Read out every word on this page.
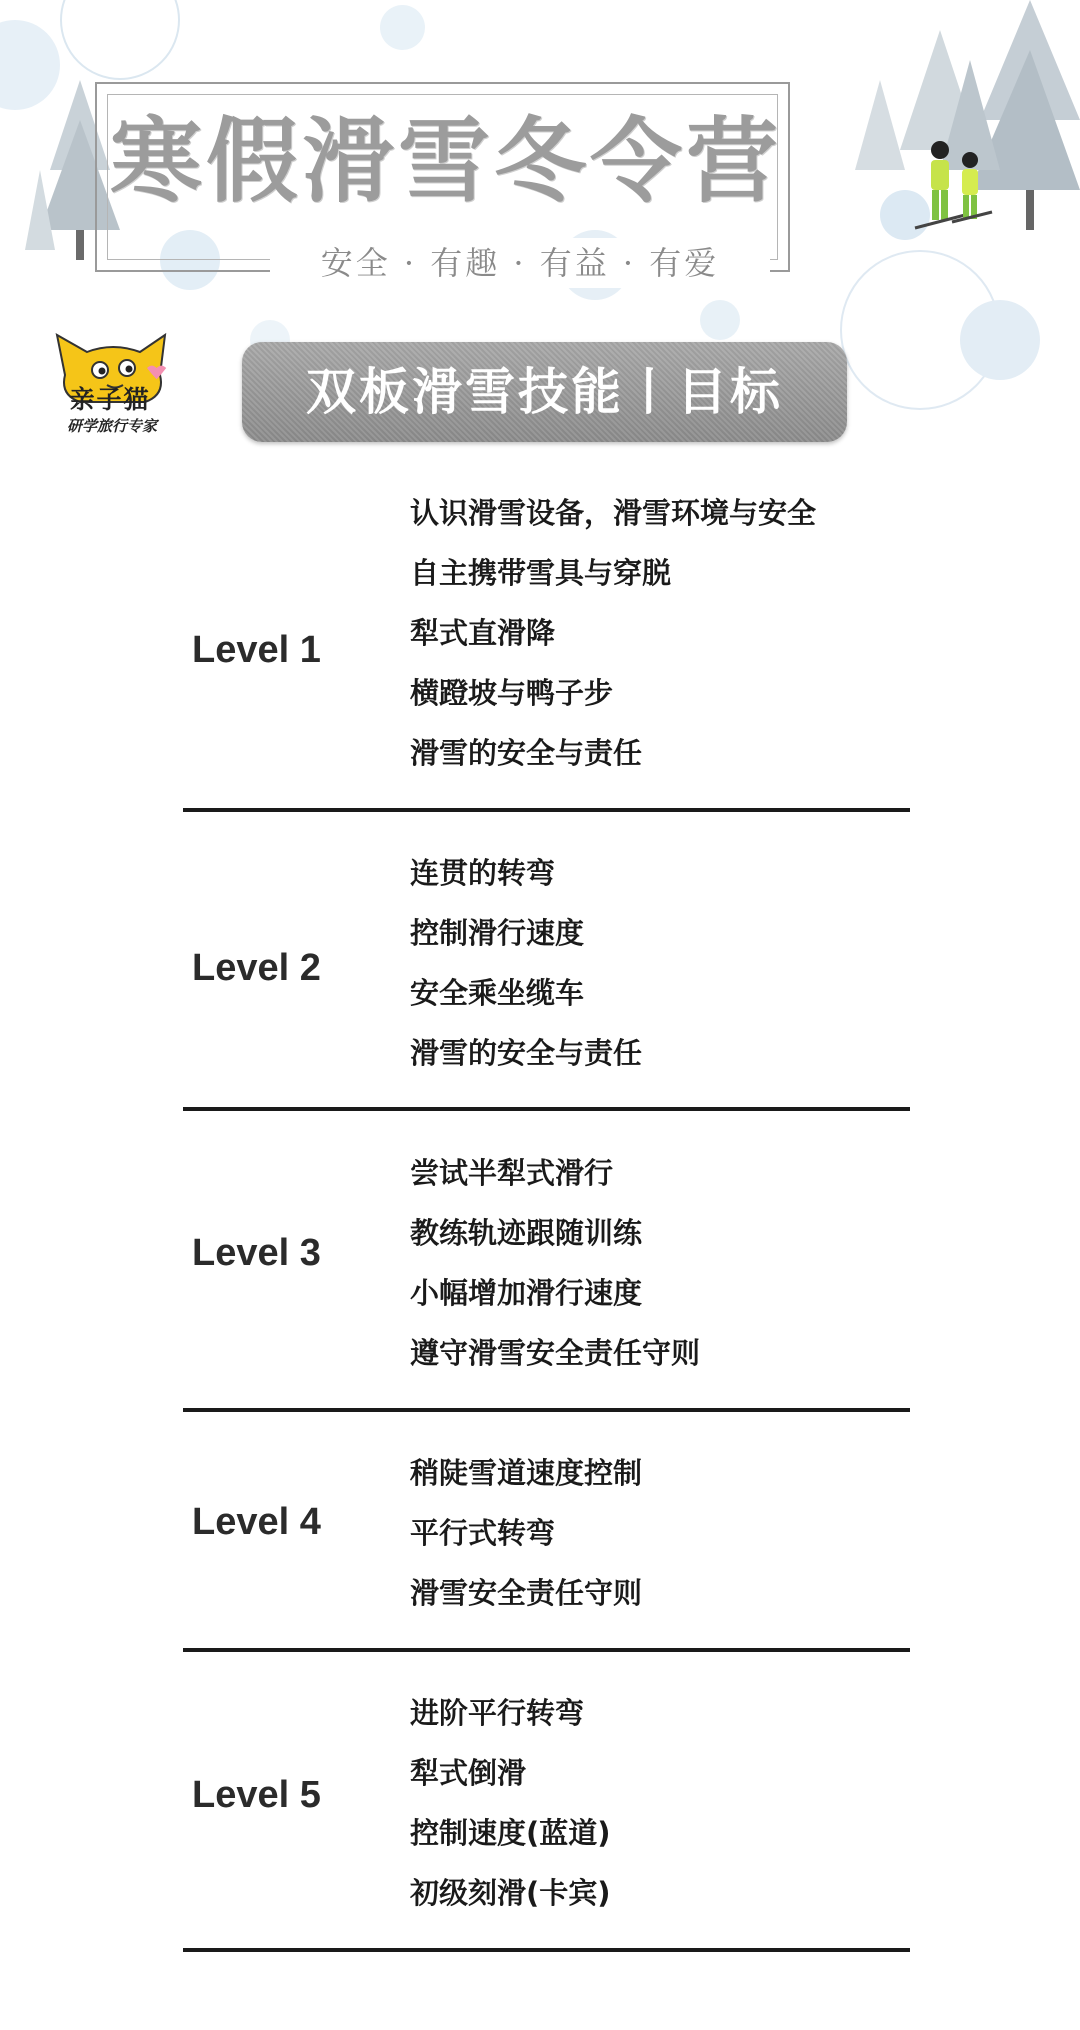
寒假滑雪冬令营
安全 · 有趣 · 有益 · 有爱
亲子猫
研学旅行专家
双板滑雪技能丨目标
Level 1
认识滑雪设备，滑雪环境与安全
自主携带雪具与穿脱
犁式直滑降
横蹬坡与鸭子步
滑雪的安全与责任
Level 2
连贯的转弯
控制滑行速度
安全乘坐缆车
滑雪的安全与责任
Level 3
尝试半犁式滑行
教练轨迹跟随训练
小幅增加滑行速度
遵守滑雪安全责任守则
Level 4
稍陡雪道速度控制
平行式转弯
滑雪安全责任守则
Level 5
进阶平行转弯
犁式倒滑
控制速度(蓝道)
初级刻滑(卡宾)
